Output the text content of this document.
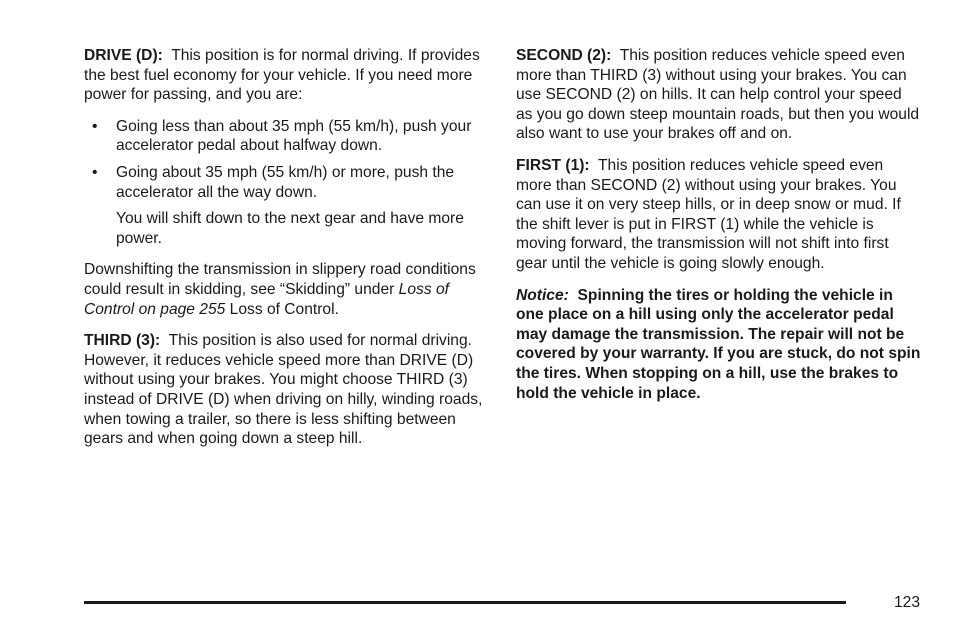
DRIVE (D): This position is for normal driving. If provides the best fuel economy for your vehicle. If you need more power for passing, and you are:

• Going less than about 35 mph (55 km/h), push your accelerator pedal about halfway down.
• Going about 35 mph (55 km/h) or more, push the accelerator all the way down.

You will shift down to the next gear and have more power.

Downshifting the transmission in slippery road conditions could result in skidding, see “Skidding” under Loss of Control on page 255 Loss of Control.

THIRD (3): This position is also used for normal driving. However, it reduces vehicle speed more than DRIVE (D) without using your brakes. You might choose THIRD (3) instead of DRIVE (D) when driving on hilly, winding roads, when towing a trailer, so there is less shifting between gears and when going down a steep hill.

SECOND (2): This position reduces vehicle speed even more than THIRD (3) without using your brakes. You can use SECOND (2) on hills. It can help control your speed as you go down steep mountain roads, but then you would also want to use your brakes off and on.

FIRST (1): This position reduces vehicle speed even more than SECOND (2) without using your brakes. You can use it on very steep hills, or in deep snow or mud. If the shift lever is put in FIRST (1) while the vehicle is moving forward, the transmission will not shift into first gear until the vehicle is going slowly enough.

Notice: Spinning the tires or holding the vehicle in one place on a hill using only the accelerator pedal may damage the transmission. The repair will not be covered by your warranty. If you are stuck, do not spin the tires. When stopping on a hill, use the brakes to hold the vehicle in place.

123
